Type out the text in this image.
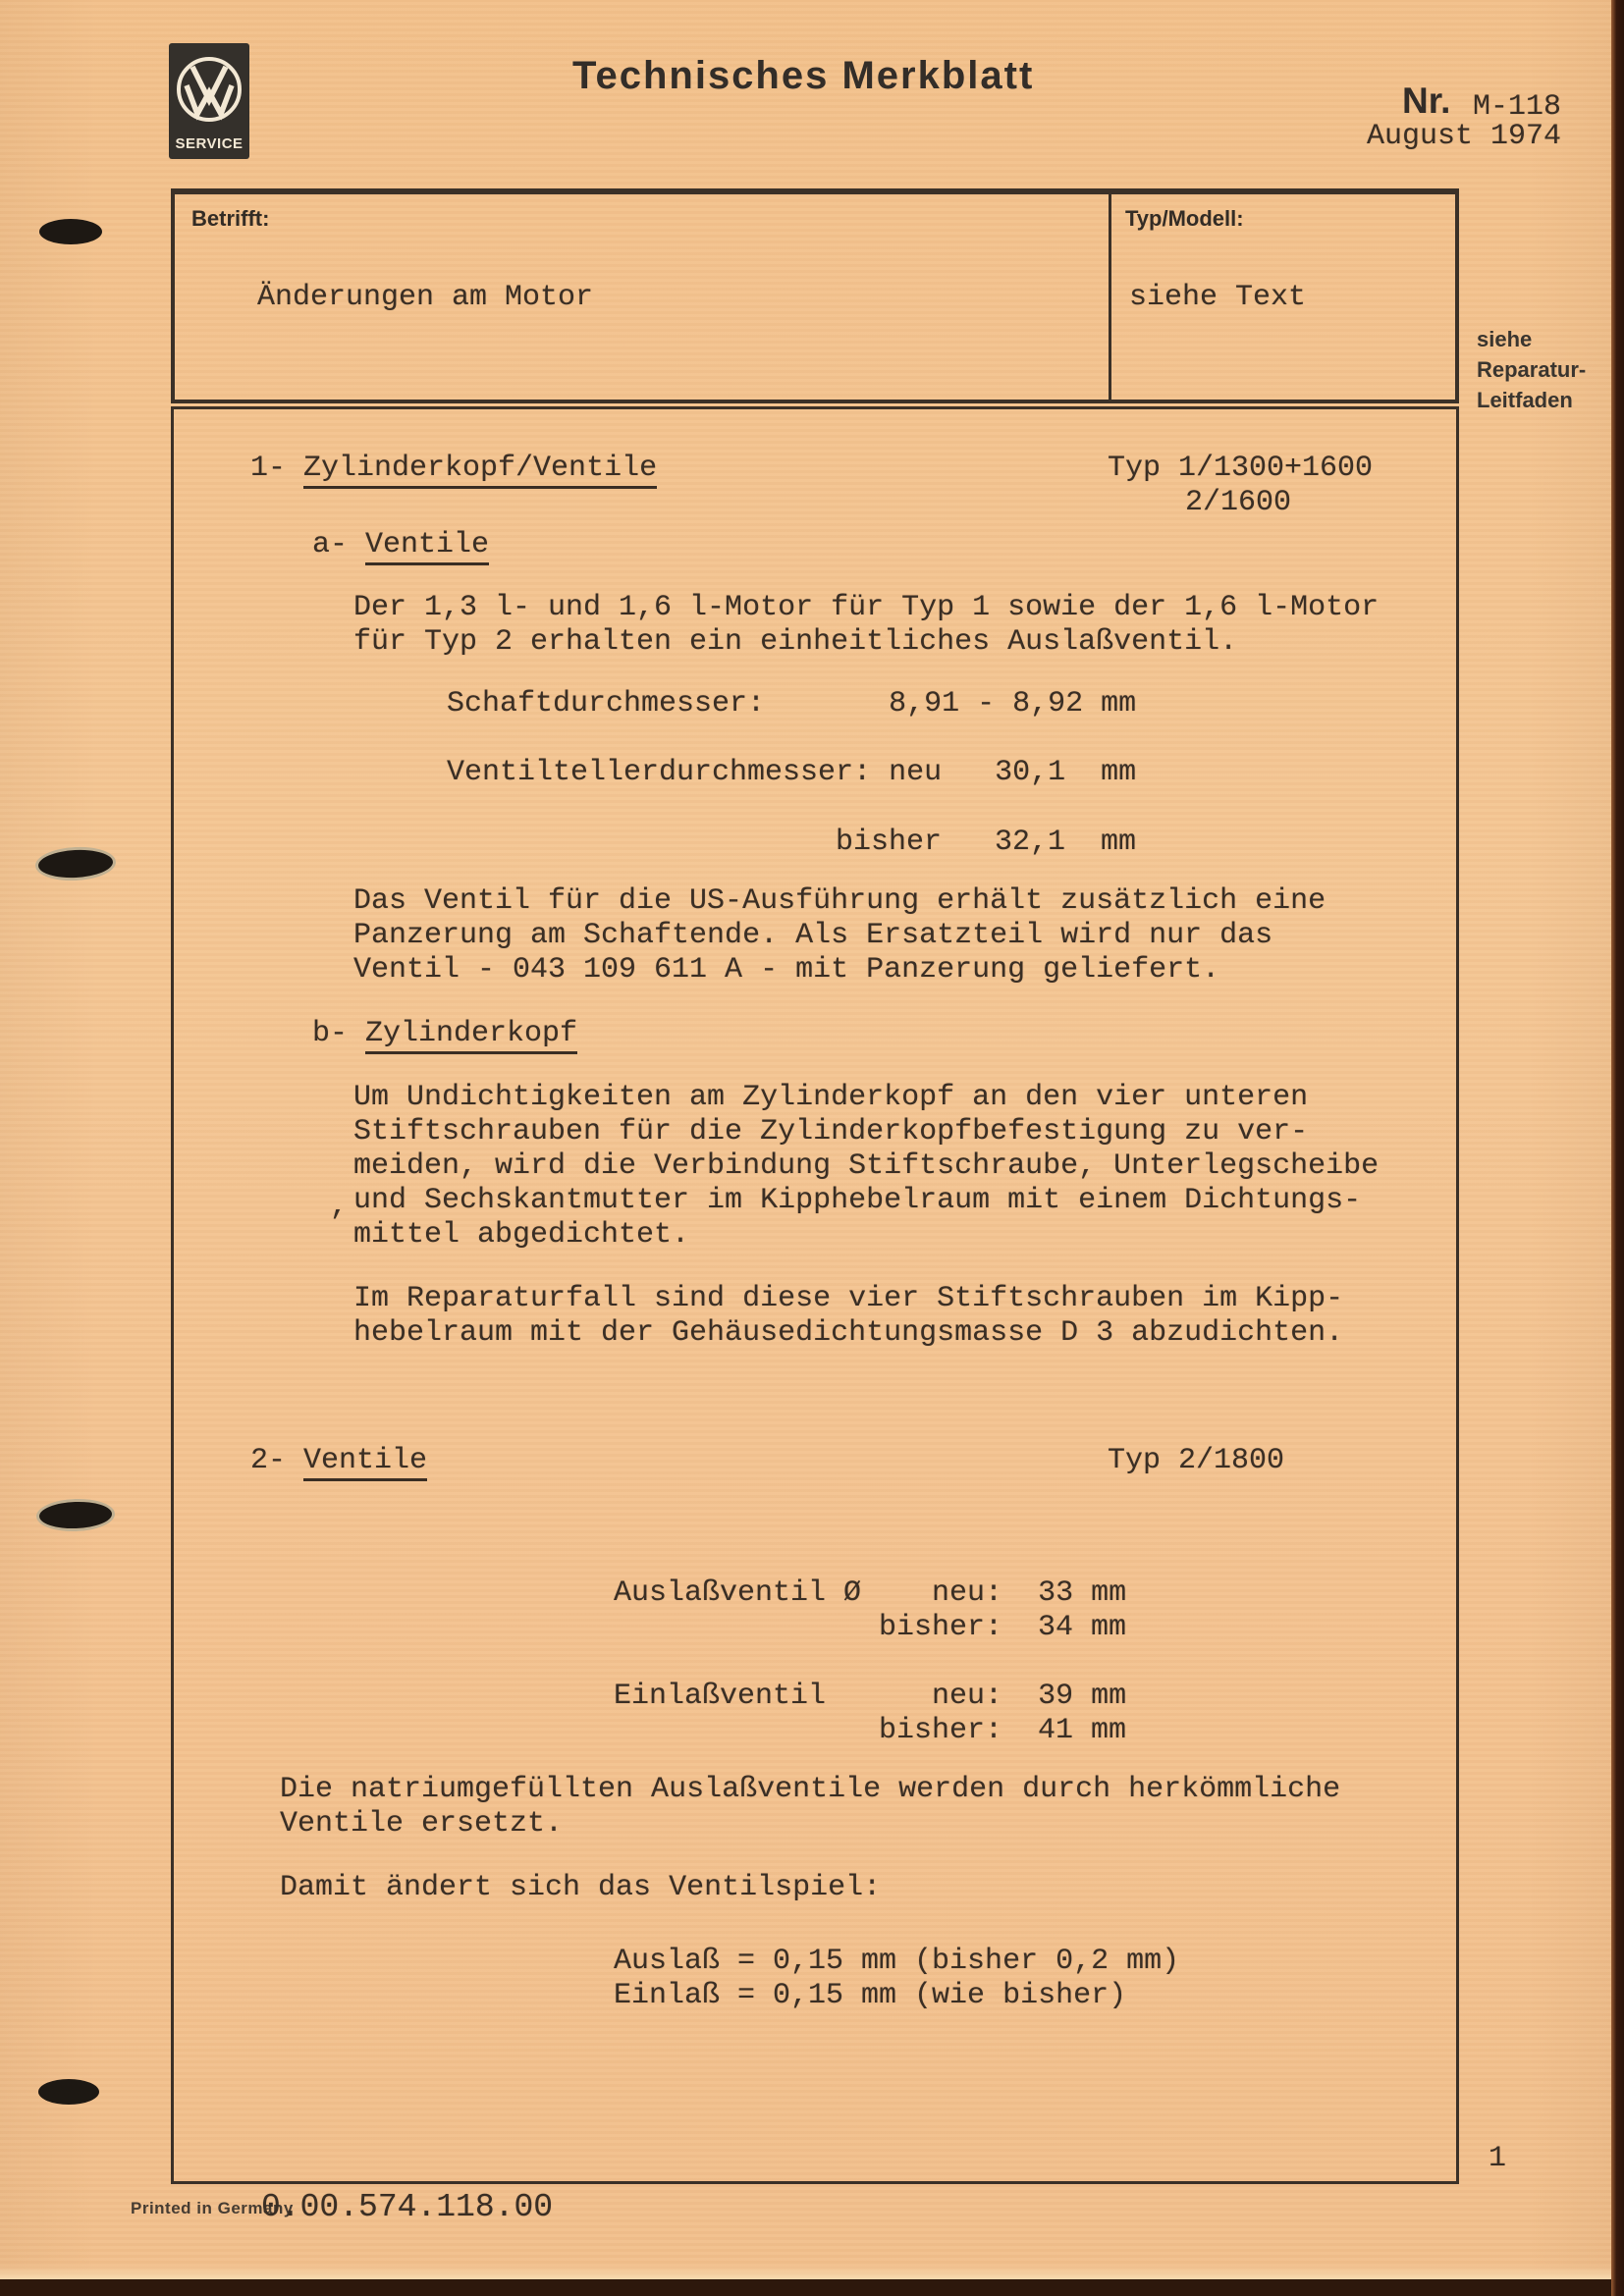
SERVICE
Technisches Merkblatt
Nr. M-118
August 1974
Betrifft:	Typ/Modell:
Änderungen am Motor	siehe Text
siehe
Reparatur-
Leitfaden
1- Zylinderkopf/Ventile	Typ 1/1300+1600
2/1600
a- Ventile
Der 1,3 l- und 1,6 l-Motor für Typ 1 sowie der 1,6 l-Motor
für Typ 2 erhalten ein einheitliches Auslaßventil.
Schaftdurchmesser:       8,91 - 8,92 mm
Ventiltellerdurchmesser: neu   30,1  mm
bisher   32,1  mm
Das Ventil für die US-Ausführung erhält zusätzlich eine
Panzerung am Schaftende. Als Ersatzteil wird nur das
Ventil - 043 109 611 A - mit Panzerung geliefert.
b- Zylinderkopf
Um Undichtigkeiten am Zylinderkopf an den vier unteren
Stiftschrauben für die Zylinderkopfbefestigung zu ver-
meiden, wird die Verbindung Stiftschraube, Unterlegscheibe
, und Sechskantmutter im Kipphebelraum mit einem Dichtungs-
mittel abgedichtet.
Im Reparaturfall sind diese vier Stiftschrauben im Kipp-
hebelraum mit der Gehäusedichtungsmasse D 3 abzudichten.
2- Ventile	Typ 2/1800
Auslaßventil Ø    neu:  33 mm
bisher:  34 mm
Einlaßventil      neu:  39 mm
bisher:  41 mm
Die natriumgefüllten Auslaßventile werden durch herkömmliche
Ventile ersetzt.
Damit ändert sich das Ventilspiel:
Auslaß = 0,15 mm (bisher 0,2 mm)
Einlaß = 0,15 mm (wie bisher)
Printed in Germany
0.00.574.118.00
1
